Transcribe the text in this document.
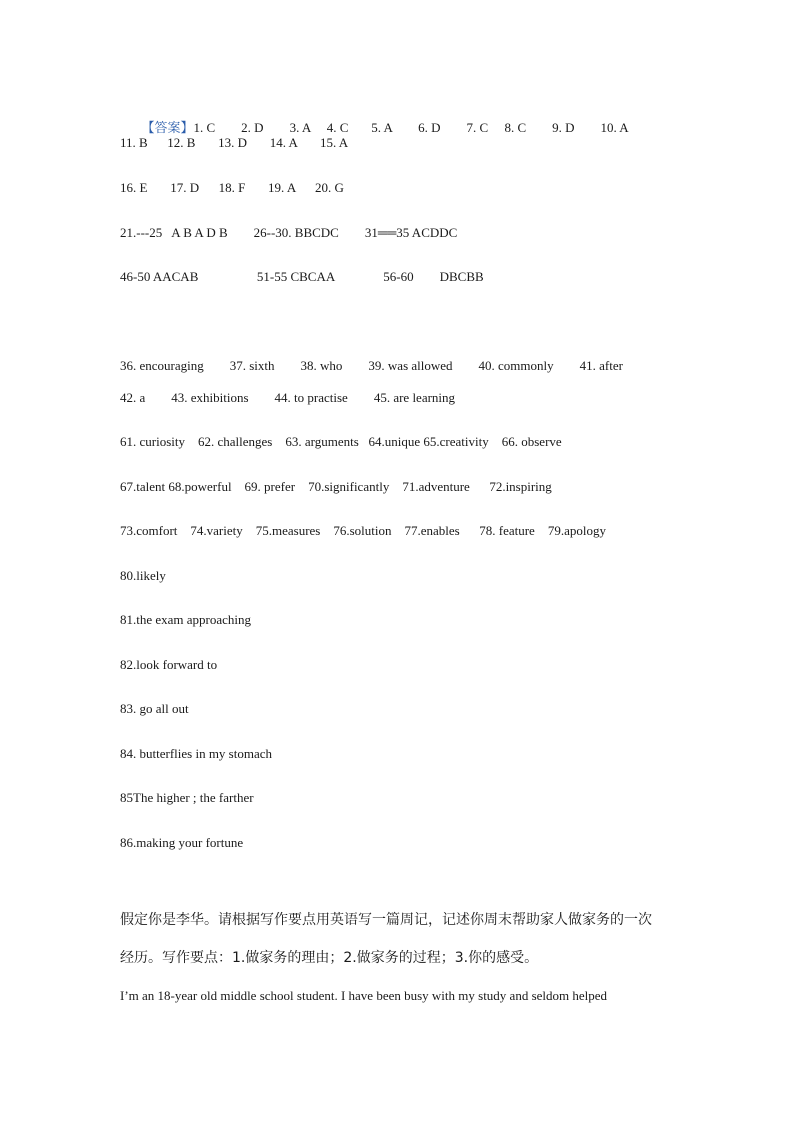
【答案】1. C        2. D        3. A     4. C       5. A        6. D        7. C     8. C        9. D        10. A

11. B      12. B       13. D       14. A       15. A
16. E       17. D      18. F       19. A      20. G
21.---25   A B A D B        26--30. BBCDC        31══35 ACDDC
46-50 AACAB                  51-55 CBCAA               56-60        DBCBB
36. encouraging        37. sixth        38. who        39. was allowed        40. commonly        41. after
42. a        43. exhibitions        44. to practise        45. are learning
61. curiosity    62. challenges    63. arguments   64.unique 65.creativity    66. observe
67.talent 68.powerful    69. prefer    70.significantly    71.adventure      72.inspiring
73.comfort    74.variety    75.measures    76.solution    77.enables      78. feature    79.apology
80.likely
81.the exam approaching
82.look forward to
83. go all out
84. butterflies in my stomach
85The higher ; the farther
86.making your fortune
假定你是李华。请根据写作要点用英语写一篇周记，记述你周末帮助家人做家务的一次
经历。写作要点：1.做家务的理由；2.做家务的过程；3.你的感受。
I’m an 18-year old middle school student. I have been busy with my study and seldom helped
